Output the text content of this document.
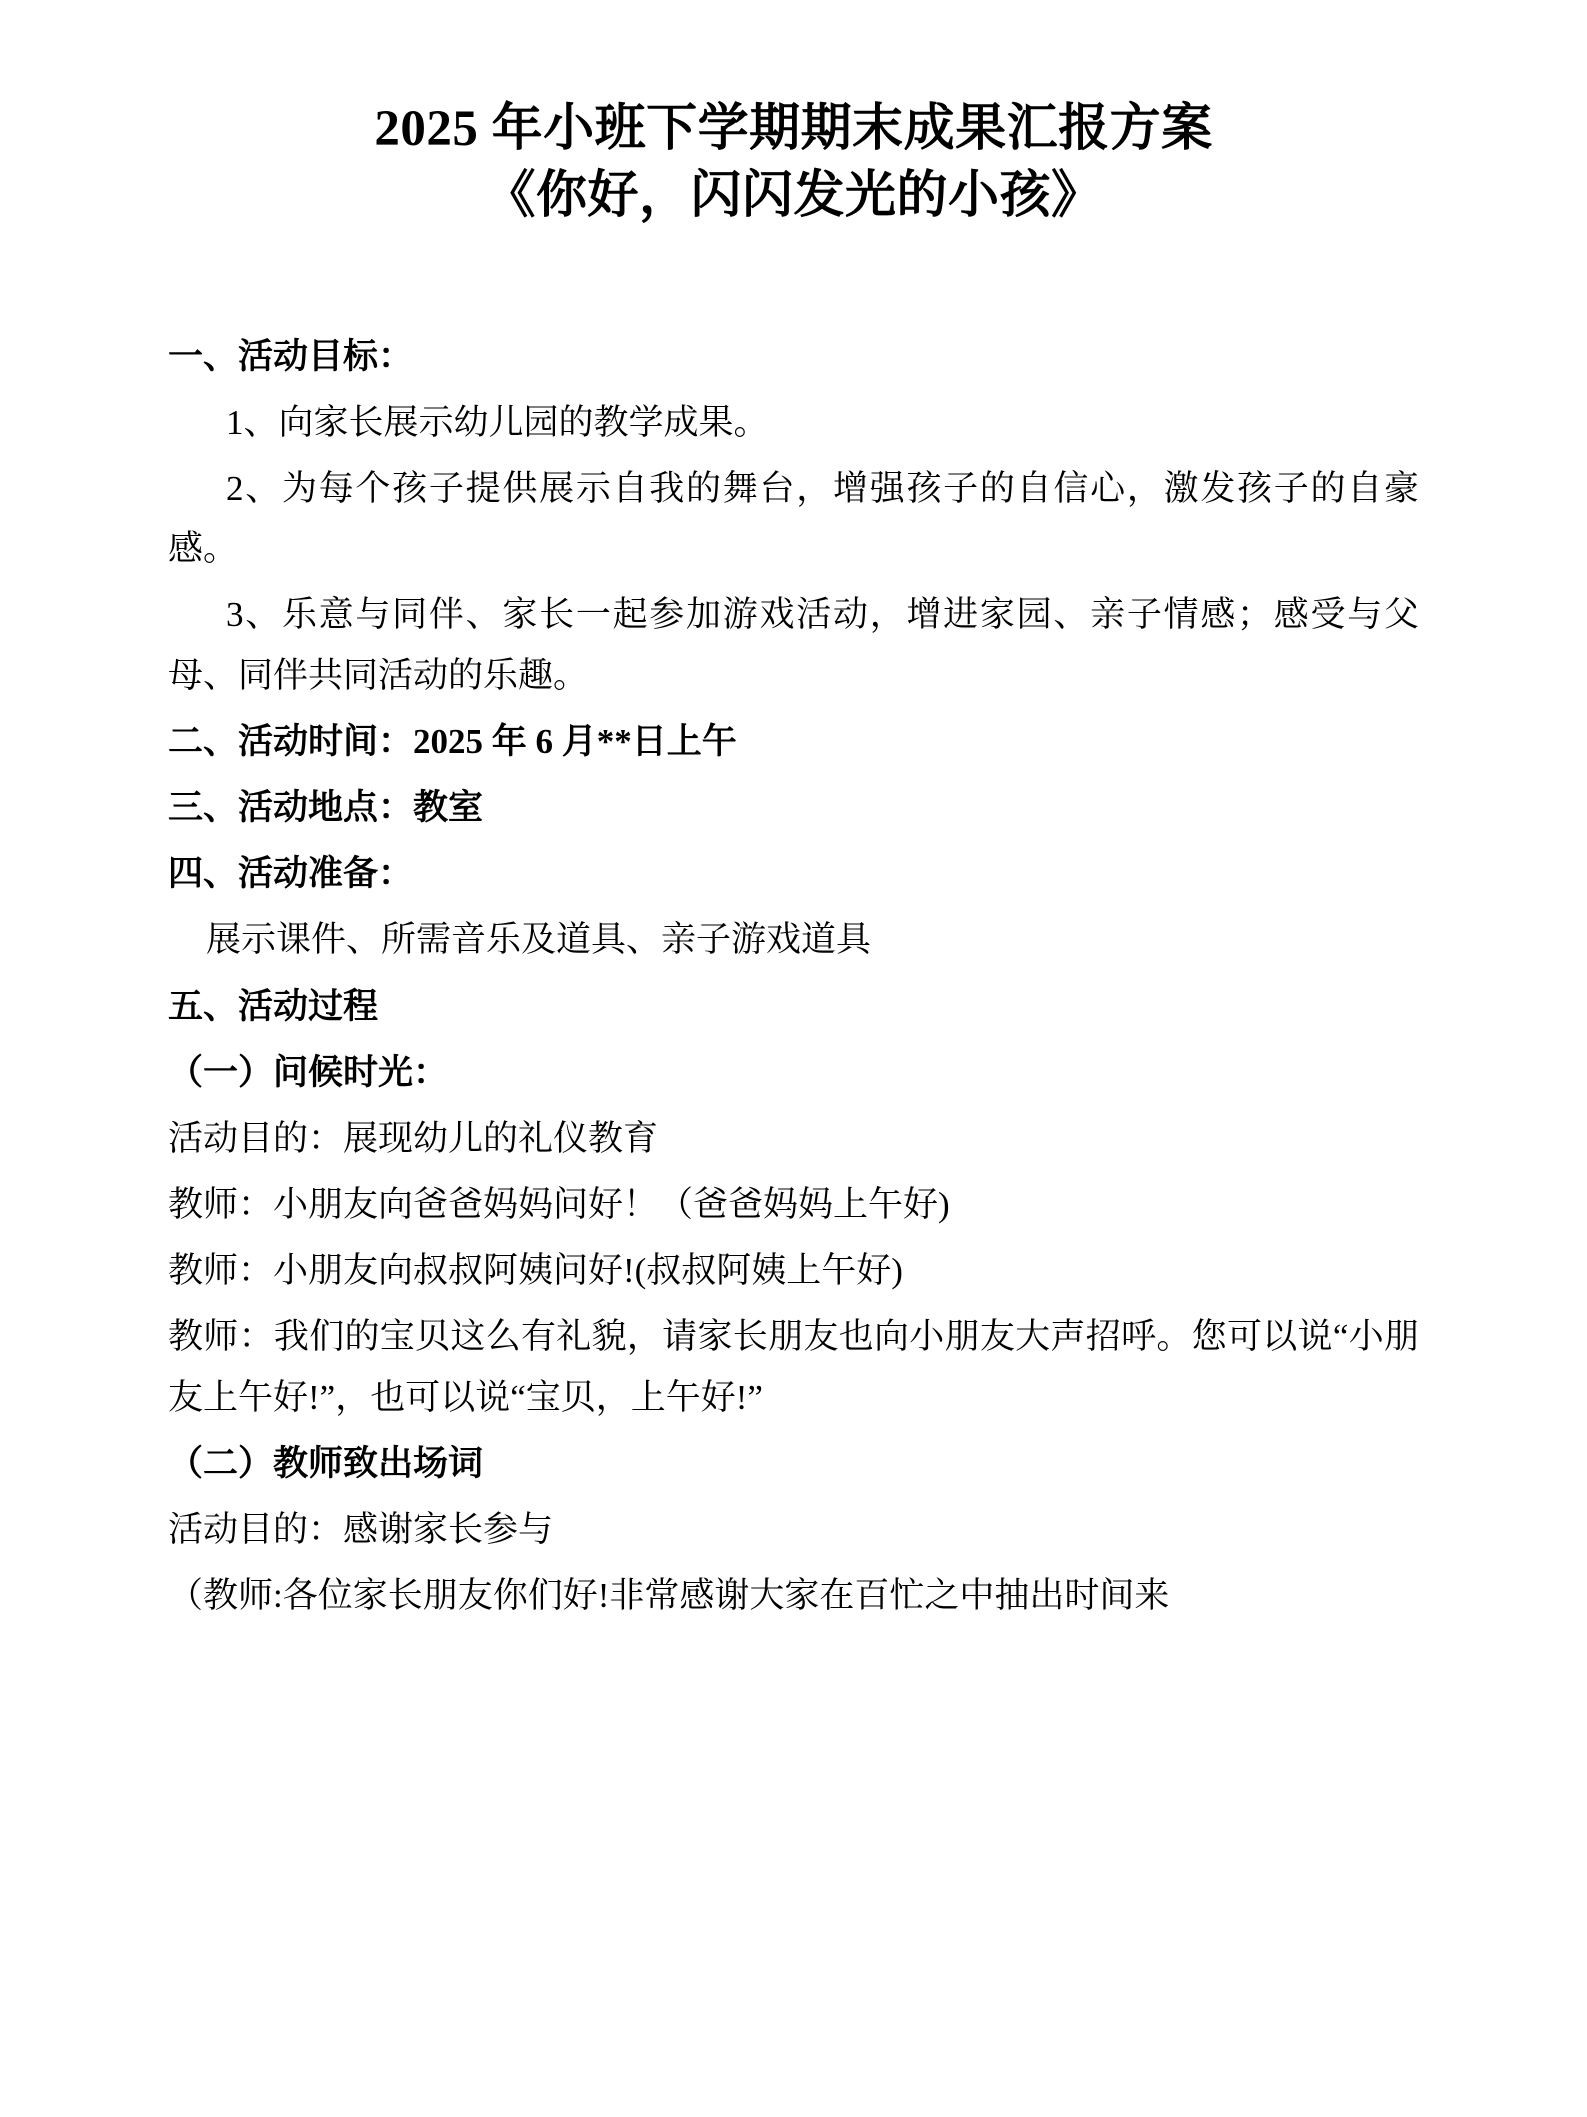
2025 年小班下学期期末成果汇报方案
《你好，闪闪发光的小孩》

一、活动目标：

1、向家长展示幼儿园的教学成果。

2、为每个孩子提供展示自我的舞台，增强孩子的自信心，激发孩子的自豪感。

3、乐意与同伴、家长一起参加游戏活动，增进家园、亲子情感；感受与父母、同伴共同活动的乐趣。

二、活动时间：2025 年 6 月**日上午

三、活动地点：教室

四、活动准备：

展示课件、所需音乐及道具、亲子游戏道具

五、活动过程

（一）问候时光：

活动目的：展现幼儿的礼仪教育

教师：小朋友向爸爸妈妈问好！（爸爸妈妈上午好)

教师：小朋友向叔叔阿姨问好!(叔叔阿姨上午好)

教师：我们的宝贝这么有礼貌，请家长朋友也向小朋友大声招呼。您可以说“小朋友上午好!”，也可以说“宝贝，上午好!”

（二）教师致出场词

活动目的：感谢家长参与

（教师:各位家长朋友你们好!非常感谢大家在百忙之中抽出时间来
